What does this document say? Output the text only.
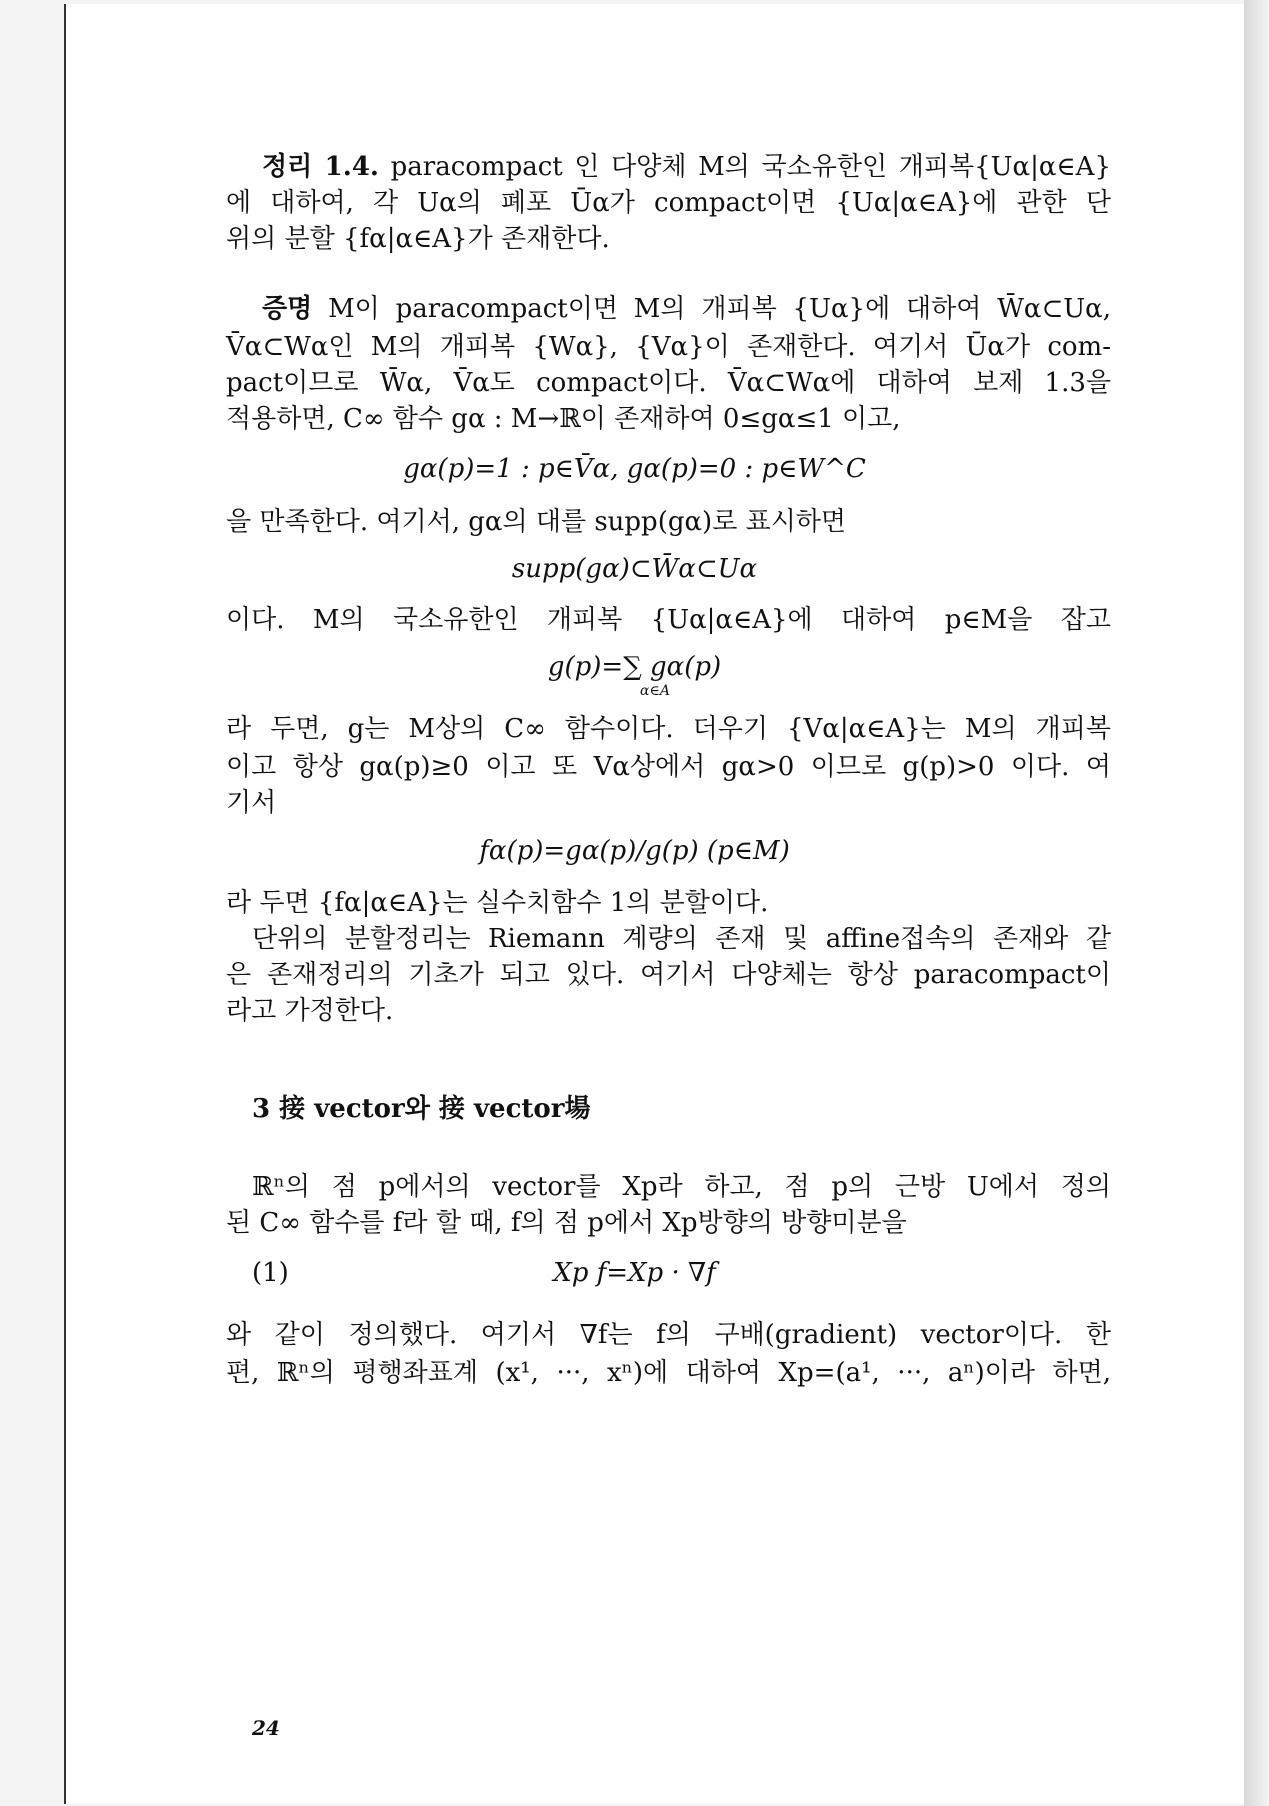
정리 1.4. paracompact 인 다양체 M의 국소유한인 개피복{Uα|α∈A}

에 대하여, 각 Uα의 폐포 Ūα가 compact이면 {Uα|α∈A}에 관한 단

위의 분할 {fα|α∈A}가 존재한다.

증명 M이 paracompact이면 M의 개피복 {Uα}에 대하여 W̄α⊂Uα,

V̄α⊂Wα인 M의 개피복 {Wα}, {Vα}이 존재한다. 여기서 Ūα가 com-

pact이므로 W̄α, V̄α도 compact이다. V̄α⊂Wα에 대하여 보제 1.3을

적용하면, C∞ 함수 gα : M→ℝ이 존재하여 0≤gα≤1 이고,

gα(p)=1 : p∈V̄α, gα(p)=0 : p∈W^C

을 만족한다. 여기서, gα의 대를 supp(gα)로 표시하면

supp(gα)⊂W̄α⊂Uα

이다. M의 국소유한인 개피복 {Uα|α∈A}에 대하여 p∈M을 잡고

g(p)=∑ gα(p)

α∈A

라 두면, g는 M상의 C∞ 함수이다. 더우기 {Vα|α∈A}는 M의 개피복

이고 항상 gα(p)≥0 이고 또 Vα상에서 gα>0 이므로 g(p)>0 이다. 여

기서

fα(p)=gα(p)/g(p) (p∈M)

라 두면 {fα|α∈A}는 실수치함수 1의 분할이다.

단위의 분할정리는 Riemann 계량의 존재 및 affine접속의 존재와 같

은 존재정리의 기초가 되고 있다. 여기서 다양체는 항상 paracompact이

라고 가정한다.

3 接 vector와 接 vector場

ℝⁿ의 점 p에서의 vector를 Xp라 하고, 점 p의 근방 U에서 정의

된 C∞ 함수를 f라 할 때, f의 점 p에서 Xp방향의 방향미분을

(1)	Xp f=Xp · ∇f

와 같이 정의했다. 여기서 ∇f는 f의 구배(gradient) vector이다. 한

편, ℝⁿ의 평행좌표계 (x¹, ···, xⁿ)에 대하여 Xp=(a¹, ···, aⁿ)이라 하면,

24
